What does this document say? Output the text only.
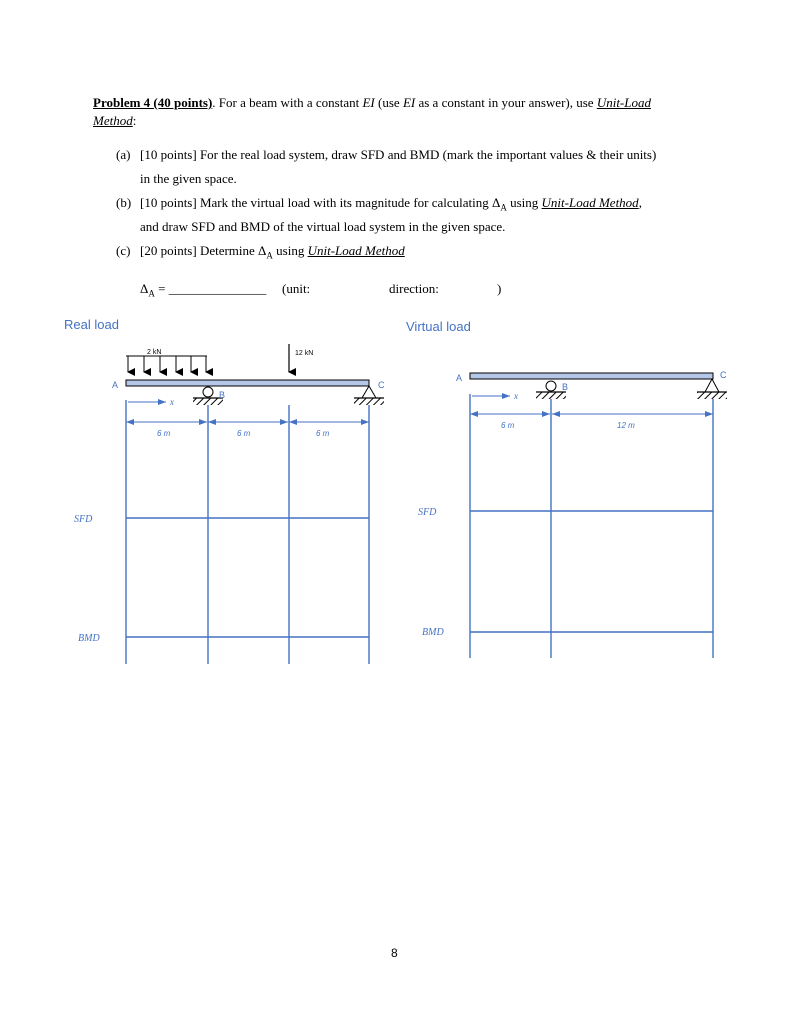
Problem 4 (40 points). For a beam with a constant EI (use EI as a constant in your answer), use Unit-Load
Method:
(a) [10 points] For the real load system, draw SFD and BMD (mark the important values & their units)
in the given space.
(b) [10 points] Mark the virtual load with its magnitude for calculating $\Delta_A$ using Unit-Load Method,
and draw SFD and BMD of the virtual load system in the given space.
(c) [20 points] Determine $\Delta_A$ using Unit-Load Method
$\Delta_A$ = _______________ (unit:	direction:	)
Real load	Virtual load
2 kN	12 kN
A	C
B
x
6 m	6 m	6 m
SFD
BMD
A	C
B
x
6 m	12 m
SFD
BMD
8
